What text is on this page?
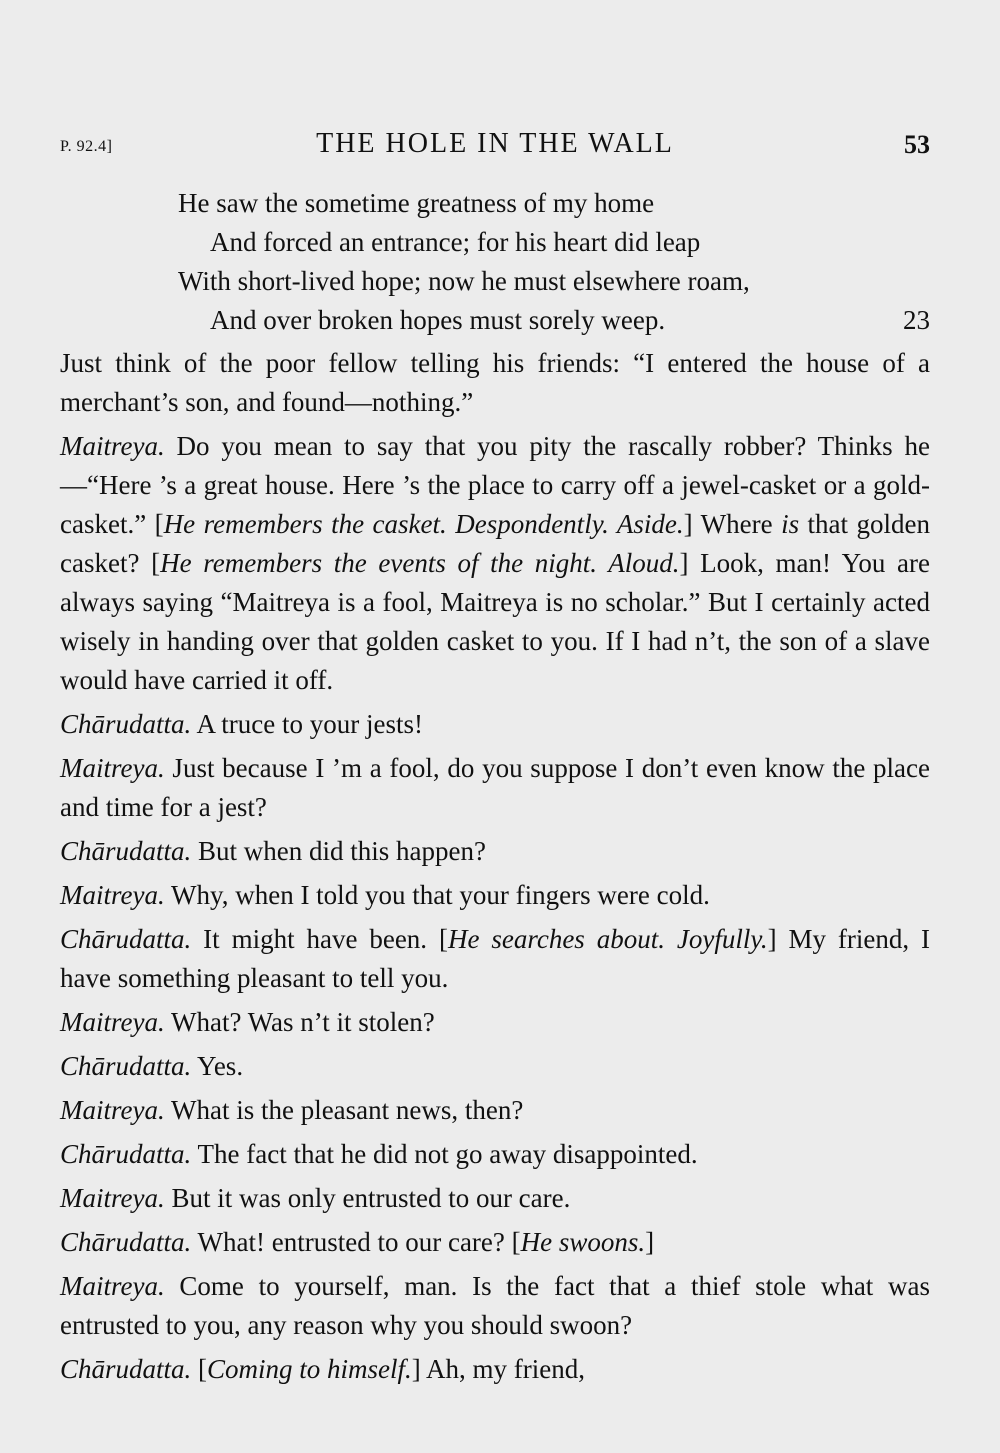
P. 92.4]	THE HOLE IN THE WALL	53
He saw the sometime greatness of my home
And forced an entrance; for his heart did leap
With short-lived hope; now he must elsewhere roam,
And over broken hopes must sorely weep.	23

Just think of the poor fellow telling his friends: “I entered the house of a merchant’s son, and found—nothing.”

Maitreya. Do you mean to say that you pity the rascally robber? Thinks he—“Here ’s a great house. Here ’s the place to carry off a jewel-casket or a gold-casket.” [He remembers the casket. Despondently. Aside.] Where is that golden casket? [He remembers the events of the night. Aloud.] Look, man! You are always saying “Maitreya is a fool, Maitreya is no scholar.” But I certainly acted wisely in handing over that golden casket to you. If I had n’t, the son of a slave would have carried it off.

Chārudatta. A truce to your jests!

Maitreya. Just because I ’m a fool, do you suppose I don’t even know the place and time for a jest?

Chārudatta. But when did this happen?

Maitreya. Why, when I told you that your fingers were cold.

Chārudatta. It might have been. [He searches about. Joyfully.] My friend, I have something pleasant to tell you.

Maitreya. What? Was n’t it stolen?

Chārudatta. Yes.

Maitreya. What is the pleasant news, then?

Chārudatta. The fact that he did not go away disappointed.

Maitreya. But it was only entrusted to our care.

Chārudatta. What! entrusted to our care? [He swoons.]

Maitreya. Come to yourself, man. Is the fact that a thief stole what was entrusted to you, any reason why you should swoon?

Chārudatta. [Coming to himself.] Ah, my friend,
